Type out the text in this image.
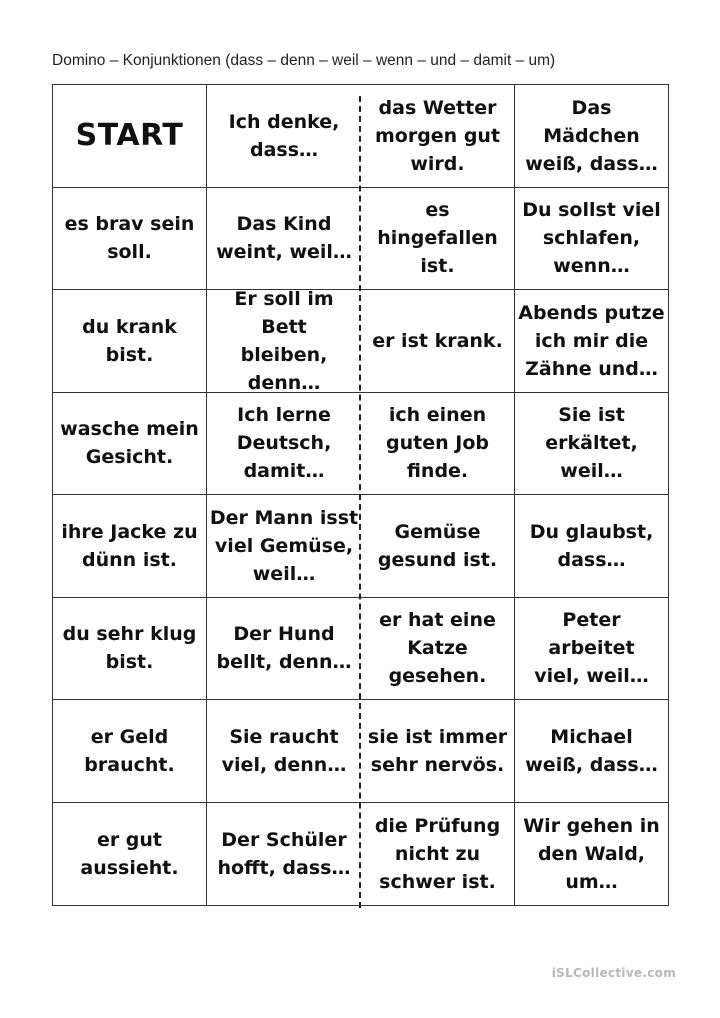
Domino – Konjunktionen (dass – denn – weil – wenn – und – damit – um)
START	Ich denke,
dass…
das Wetter
morgen gut
wird.
Das
Mädchen
weiß, dass…
es brav sein
soll.
Das Kind
weint, weil…
es
hingefallen
ist.
Du sollst viel
schlafen,
wenn…
du krank bist.
Er soll im Bett
bleiben,
denn…
er ist krank.
Abends putze
ich mir die
Zähne und…
wasche mein
Gesicht.
Ich lerne
Deutsch,
damit…
ich einen
guten Job
finde.
Sie ist
erkältet,
weil…
ihre Jacke zu
dünn ist.
Der Mann isst
viel Gemüse,
weil…
Gemüse
gesund ist.
Du glaubst,
dass…
du sehr klug
bist.
Der Hund
bellt, denn…
er hat eine
Katze
gesehen.
Peter arbeitet
viel, weil…
er Geld
braucht.
Sie raucht
viel, denn…
sie ist immer
sehr nervös.
Michael
weiß, dass…
er gut
aussieht.
Der Schüler
hofft, dass…
die Prüfung
nicht zu
schwer ist.
Wir gehen in
den Wald,
um…
iSLCollective.com
